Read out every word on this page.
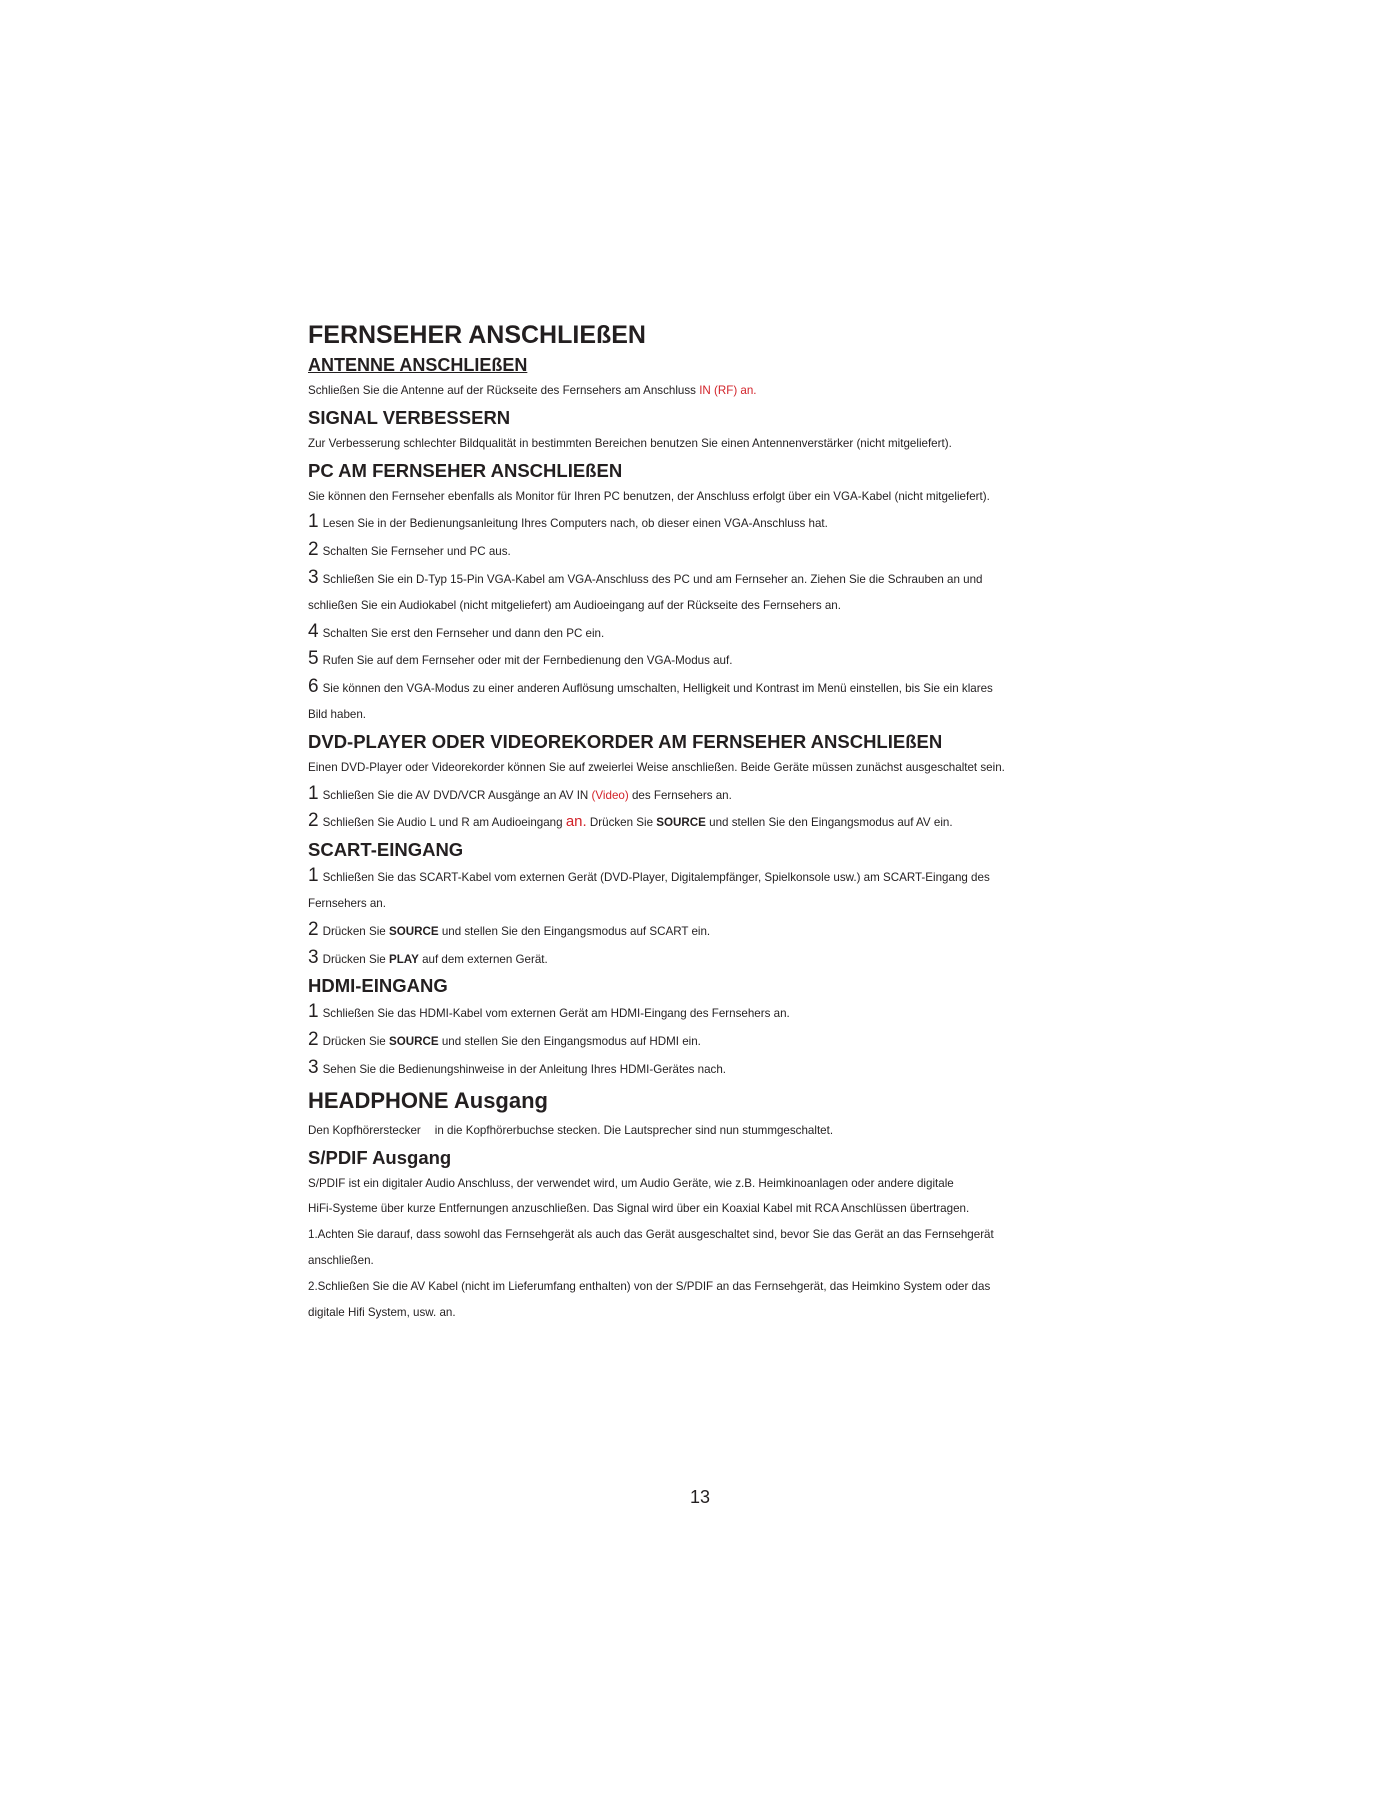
FERNSEHER ANSCHLIEßEN
ANTENNE ANSCHLIEßEN

Schließen Sie die Antenne auf der Rückseite des Fernsehers am Anschluss IN (RF) an.

SIGNAL VERBESSERN

Zur Verbesserung schlechter Bildqualität in bestimmten Bereichen benutzen Sie einen Antennenverstärker (nicht mitgeliefert).

PC AM FERNSEHER ANSCHLIEßEN

Sie können den Fernseher ebenfalls als Monitor für Ihren PC benutzen, der Anschluss erfolgt über ein VGA-Kabel (nicht mitgeliefert).

1 Lesen Sie in der Bedienungsanleitung Ihres Computers nach, ob dieser einen VGA-Anschluss hat.

2 Schalten Sie Fernseher und PC aus.

3 Schließen Sie ein D-Typ 15-Pin VGA-Kabel am VGA-Anschluss des PC und am Fernseher an. Ziehen Sie die Schrauben an und

schließen Sie ein Audiokabel (nicht mitgeliefert) am Audioeingang auf der Rückseite des Fernsehers an.

4 Schalten Sie erst den Fernseher und dann den PC ein.

5 Rufen Sie auf dem Fernseher oder mit der Fernbedienung den VGA-Modus auf.

6 Sie können den VGA-Modus zu einer anderen Auflösung umschalten, Helligkeit und Kontrast im Menü einstellen, bis Sie ein klares

Bild haben.

DVD-PLAYER ODER VIDEOREKORDER AM FERNSEHER ANSCHLIEßEN

Einen DVD-Player oder Videorekorder können Sie auf zweierlei Weise anschließen. Beide Geräte müssen zunächst ausgeschaltet sein.

1 Schließen Sie die AV DVD/VCR Ausgänge an AV IN (Video) des Fernsehers an.

2 Schließen Sie Audio L und R am Audioeingang an. Drücken Sie SOURCE und stellen Sie den Eingangsmodus auf AV ein.

SCART-EINGANG

1 Schließen Sie das SCART-Kabel vom externen Gerät (DVD-Player, Digitalempfänger, Spielkonsole usw.) am SCART-Eingang des

Fernsehers an.

2 Drücken Sie SOURCE und stellen Sie den Eingangsmodus auf SCART ein.

3 Drücken Sie PLAY auf dem externen Gerät.

HDMI-EINGANG

1 Schließen Sie das HDMI-Kabel vom externen Gerät am HDMI-Eingang des Fernsehers an.

2 Drücken Sie SOURCE und stellen Sie den Eingangsmodus auf HDMI ein.

3 Sehen Sie die Bedienungshinweise in der Anleitung Ihres HDMI-Gerätes nach.

HEADPHONE Ausgang

Den Kopfhörerstecker in die Kopfhörerbuchse stecken. Die Lautsprecher sind nun stummgeschaltet.

S/PDIF Ausgang

S/PDIF ist ein digitaler Audio Anschluss, der verwendet wird, um Audio Geräte, wie z.B. Heimkinoanlagen oder andere digitale

HiFi-Systeme über kurze Entfernungen anzuschließen. Das Signal wird über ein Koaxial Kabel mit RCA Anschlüssen übertragen.

1.Achten Sie darauf, dass sowohl das Fernsehgerät als auch das Gerät ausgeschaltet sind, bevor Sie das Gerät an das Fernsehgerät

anschließen.

2.Schließen Sie die AV Kabel (nicht im Lieferumfang enthalten) von der S/PDIF an das Fernsehgerät, das Heimkino System oder das

digitale Hifi System, usw. an.

13
